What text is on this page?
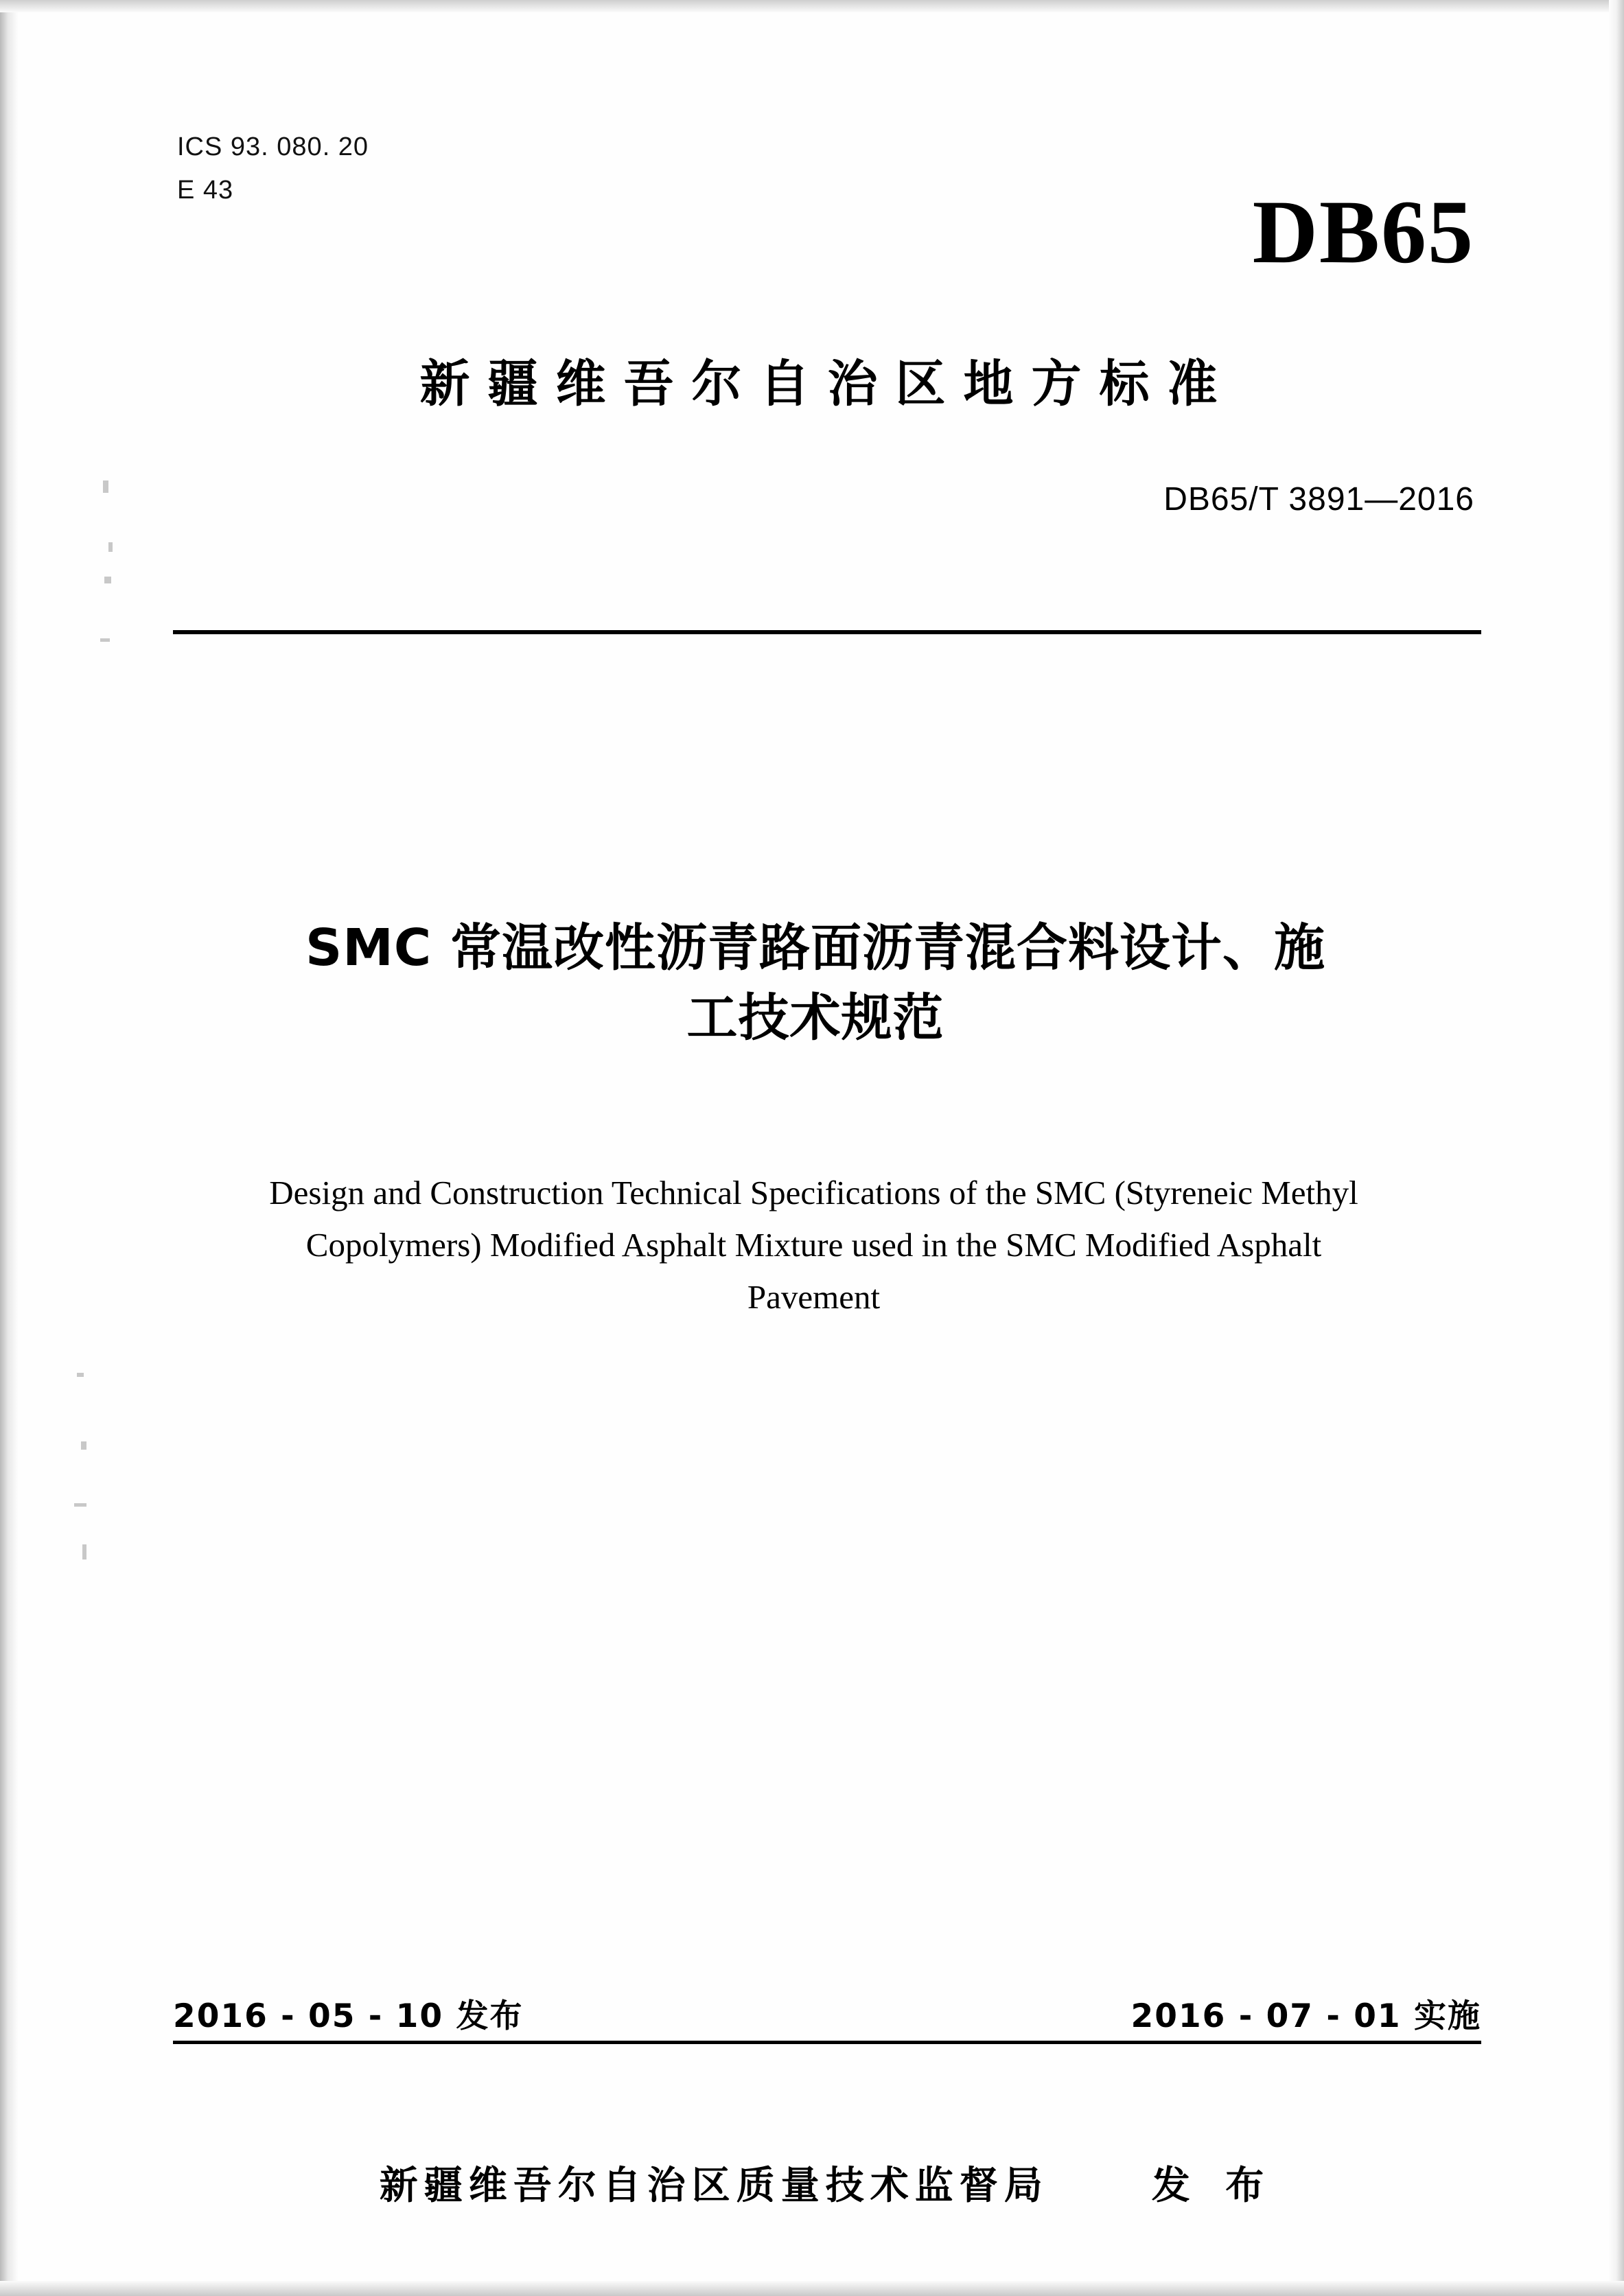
ICS 93. 080. 20
E 43	DB65
新疆维吾尔自治区地方标准
DB65/T 3891—2016
SMC 常温改性沥青路面沥青混合料设计、施
工技术规范
Design and Construction Technical Specifications of the SMC (Styreneic Methyl
Copolymers) Modified Asphalt Mixture used in the SMC Modified Asphalt
Pavement
2016 - 05 - 10 发布	2016 - 07 - 01 实施
新疆维吾尔自治区质量技术监督局	发 布
